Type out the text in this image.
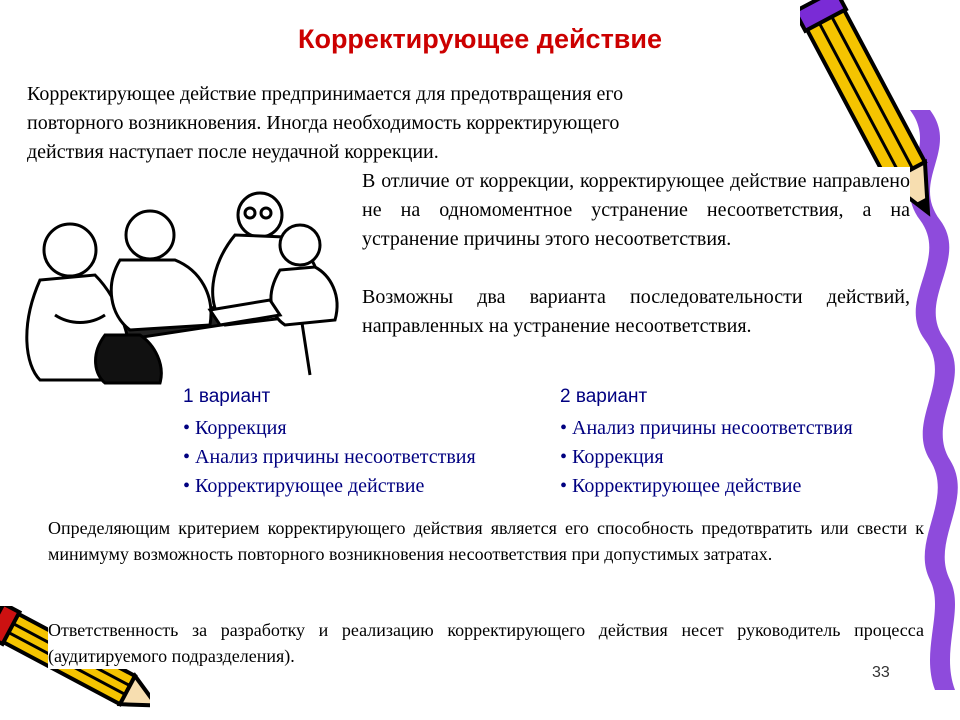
Корректирующее действие
Корректирующее действие предпринимается для предотвращения его
повторного возникновения. Иногда необходимость корректирующего
действия наступает после неудачной коррекции.
В отличие от коррекции, корректирующее действие направлено не на одномоментное устранение несоответствия, а на устранение причины этого несоответствия.
Возможны два варианта последовательности действий, направленных на устранение несоответствия.
1 вариант
• Коррекция
• Анализ причины несоответствия
• Корректирующее действие
2 вариант
• Анализ причины несоответствия
• Коррекция
• Корректирующее действие
Определяющим критерием корректирующего действия является его способность предотвратить или свести к минимуму возможность повторного возникновения несоответствия при допустимых затратах.
Ответственность за разработку и реализацию корректирующего действия несет руководитель процесса (аудитируемого подразделения).
33
